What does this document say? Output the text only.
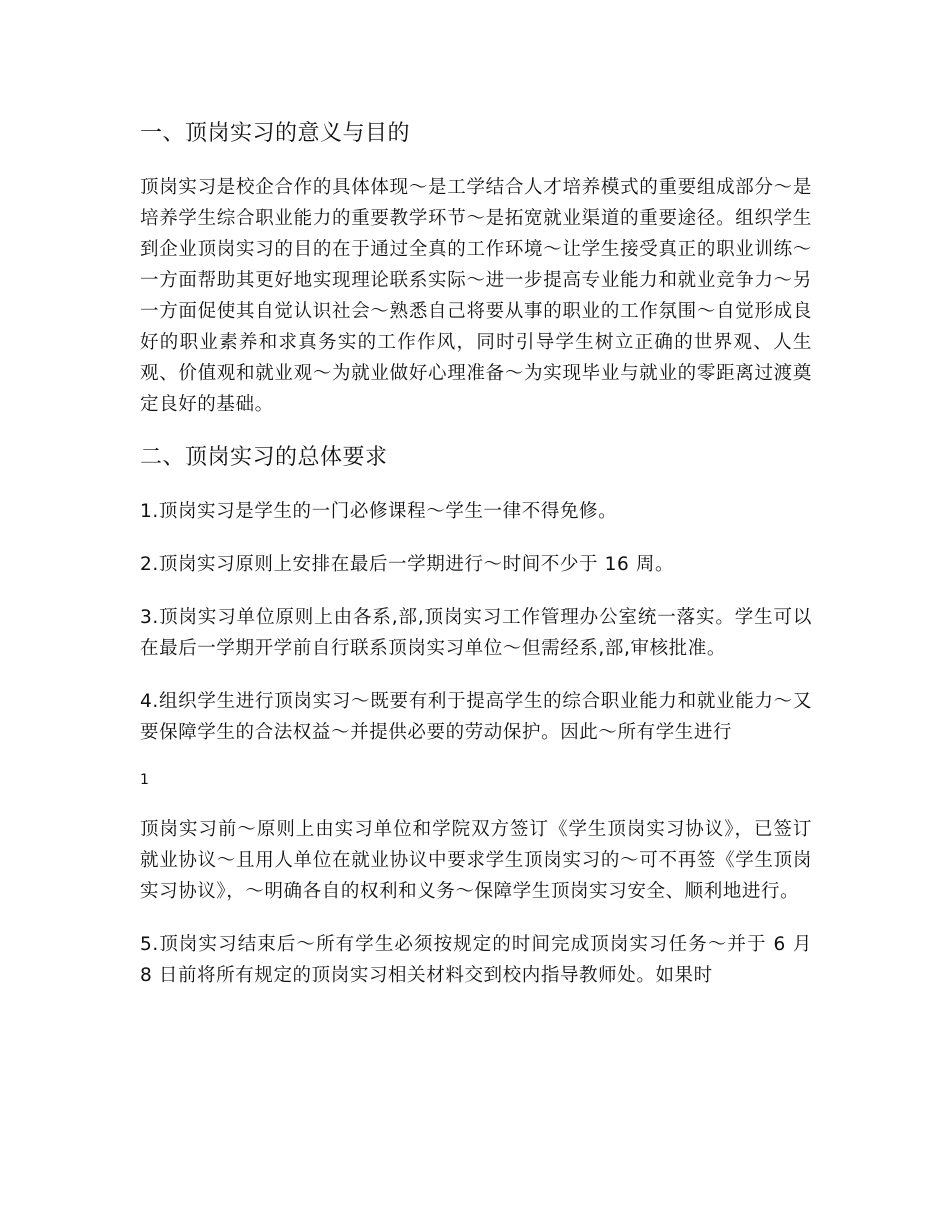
一、顶岗实习的意义与目的

顶岗实习是校企合作的具体体现～是工学结合人才培养模式的重要组成部分～是培养学生综合职业能力的重要教学环节～是拓宽就业渠道的重要途径。组织学生到企业顶岗实习的目的在于通过全真的工作环境～让学生接受真正的职业训练～一方面帮助其更好地实现理论联系实际～进一步提高专业能力和就业竞争力～另一方面促使其自觉认识社会～熟悉自己将要从事的职业的工作氛围～自觉形成良好的职业素养和求真务实的工作作风，同时引导学生树立正确的世界观、人生观、价值观和就业观～为就业做好心理准备～为实现毕业与就业的零距离过渡奠定良好的基础。

二、顶岗实习的总体要求

1.顶岗实习是学生的一门必修课程～学生一律不得免修。

2.顶岗实习原则上安排在最后一学期进行～时间不少于 16 周。

3.顶岗实习单位原则上由各系,部,顶岗实习工作管理办公室统一落实。学生可以在最后一学期开学前自行联系顶岗实习单位～但需经系,部,审核批准。

4.组织学生进行顶岗实习～既要有利于提高学生的综合职业能力和就业能力～又要保障学生的合法权益～并提供必要的劳动保护。因此～所有学生进行

1

顶岗实习前～原则上由实习单位和学院双方签订《学生顶岗实习协议》，已签订就业协议～且用人单位在就业协议中要求学生顶岗实习的～可不再签《学生顶岗实习协议》，～明确各自的权利和义务～保障学生顶岗实习安全、顺利地进行。

5.顶岗实习结束后～所有学生必须按规定的时间完成顶岗实习任务～并于 6 月 8 日前将所有规定的顶岗实习相关材料交到校内指导教师处。如果时
